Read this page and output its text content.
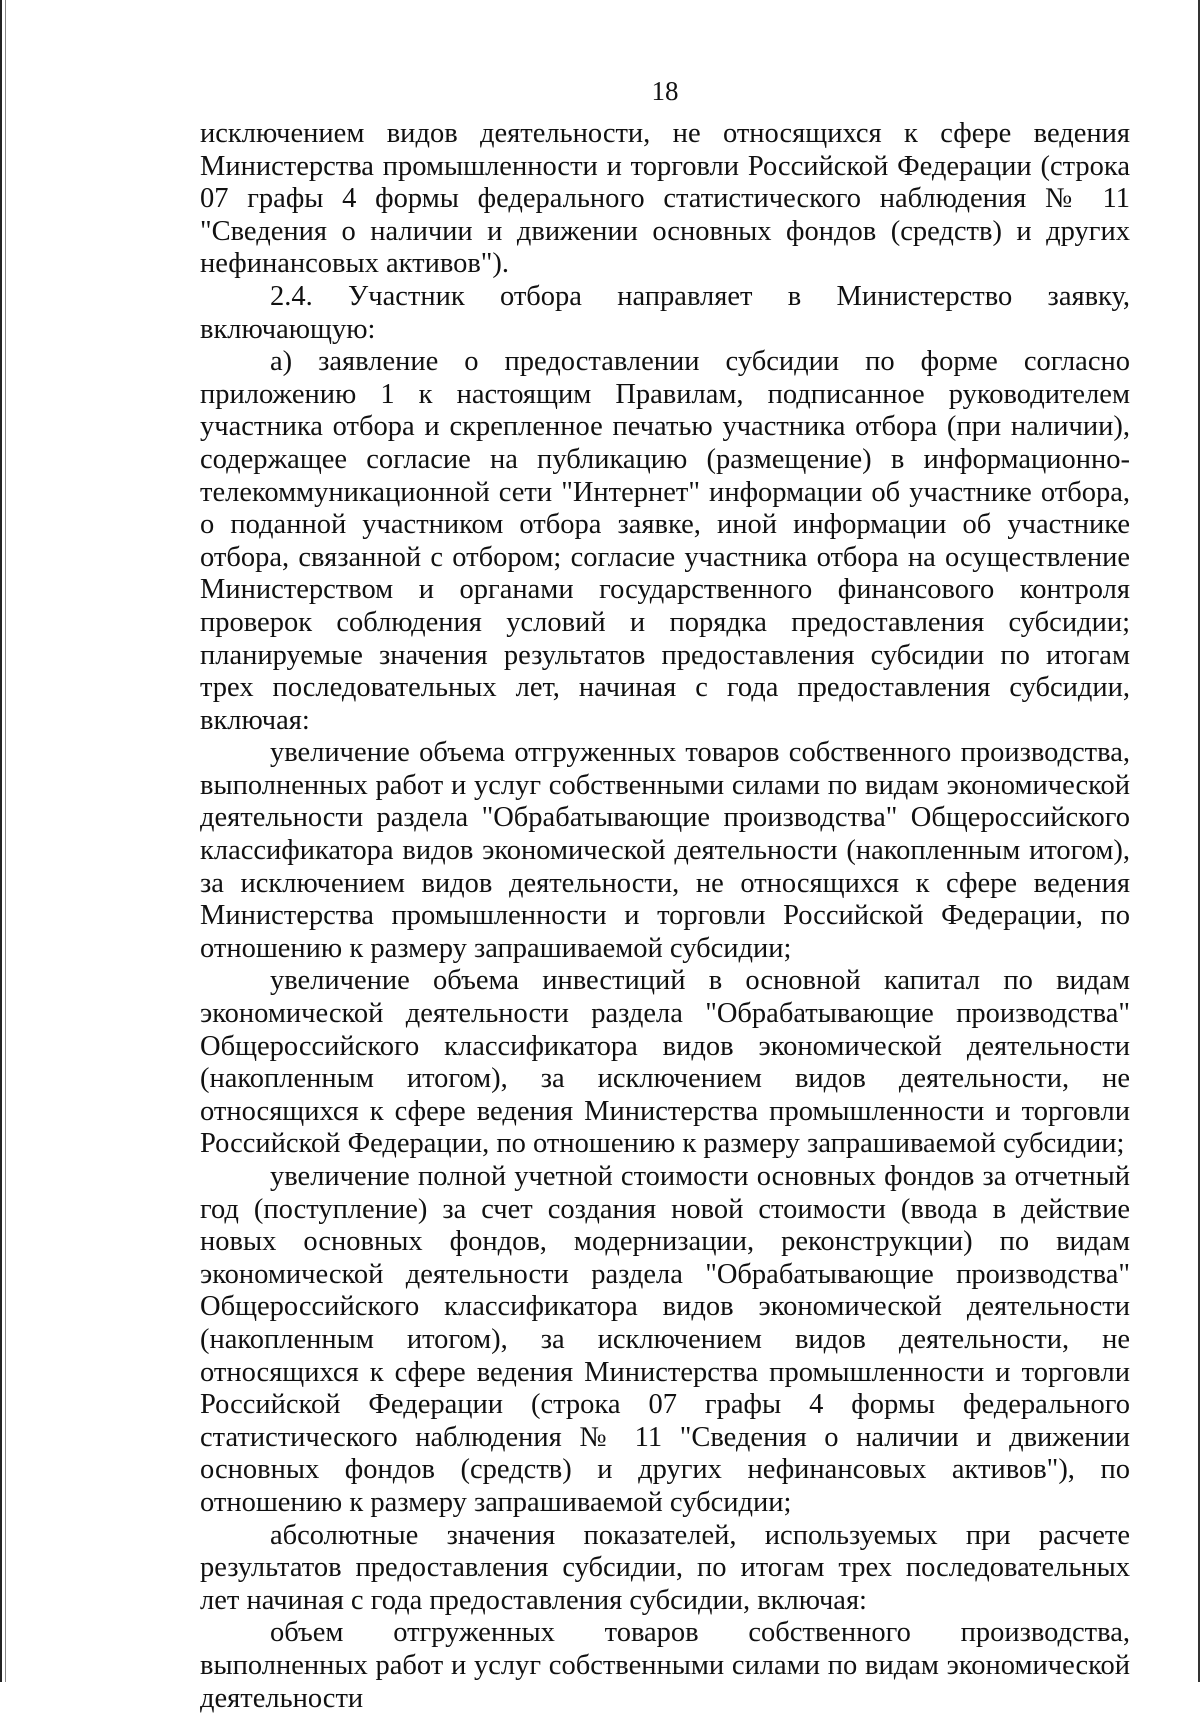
18

исключением видов деятельности, не относящихся к сфере ведения Министерства промышленности и торговли Российской Федерации (строка 07 графы 4 формы федерального статистического наблюдения № 11 "Сведения о наличии и движении основных фондов (средств) и других нефинансовых активов").

2.4. Участник отбора направляет в Министерство заявку, включающую:

а) заявление о предоставлении субсидии по форме согласно приложению 1 к настоящим Правилам, подписанное руководителем участника отбора и скрепленное печатью участника отбора (при наличии), содержащее согласие на публикацию (размещение) в информационно-телекоммуникационной сети "Интернет" информации об участнике отбора, о поданной участником отбора заявке, иной информации об участнике отбора, связанной с отбором; согласие участника отбора на осуществление Министерством и органами государственного финансового контроля проверок соблюдения условий и порядка предоставления субсидии; планируемые значения результатов предоставления субсидии по итогам трех последовательных лет, начиная с года предоставления субсидии, включая:

увеличение объема отгруженных товаров собственного производства, выполненных работ и услуг собственными силами по видам экономической деятельности раздела "Обрабатывающие производства" Общероссийского классификатора видов экономической деятельности (накопленным итогом), за исключением видов деятельности, не относящихся к сфере ведения Министерства промышленности и торговли Российской Федерации, по отношению к размеру запрашиваемой субсидии;

увеличение объема инвестиций в основной капитал по видам экономической деятельности раздела "Обрабатывающие производства" Общероссийского классификатора видов экономической деятельности (накопленным итогом), за исключением видов деятельности, не относящихся к сфере ведения Министерства промышленности и торговли Российской Федерации, по отношению к размеру запрашиваемой субсидии;

увеличение полной учетной стоимости основных фондов за отчетный год (поступление) за счет создания новой стоимости (ввода в действие новых основных фондов, модернизации, реконструкции) по видам экономической деятельности раздела "Обрабатывающие производства" Общероссийского классификатора видов экономической деятельности (накопленным итогом), за исключением видов деятельности, не относящихся к сфере ведения Министерства промышленности и торговли Российской Федерации (строка 07 графы 4 формы федерального статистического наблюдения № 11 "Сведения о наличии и движении основных фондов (средств) и других нефинансовых активов"), по отношению к размеру запрашиваемой субсидии;

абсолютные значения показателей, используемых при расчете результатов предоставления субсидии, по итогам трех последовательных лет начиная с года предоставления субсидии, включая:

объем отгруженных товаров собственного производства, выполненных работ и услуг собственными силами по видам экономической деятельности
